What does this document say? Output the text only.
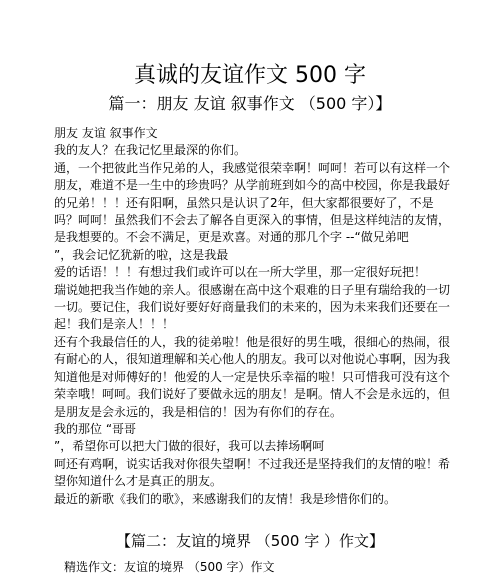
真诚的友谊作文 500 字
篇一：朋友 友谊 叙事作文 （500 字）】

朋友 友谊 叙事作文

我的友人？在我记忆里最深的你们。

通，一个把彼此当作兄弟的人，我感觉很荣幸啊！呵呵！若可以有这样一个朋友，难道不是一生中的珍贵吗？从学前班到如今的高中校园，你是我最好的兄弟！！！还有阳啊，虽然只是认识了2年，但大家都很要好了，不是吗？呵呵！虽然我们不会去了解各自更深入的事情，但是这样纯洁的友情，是我想要的。不会不满足，更是欢喜。对通的那几个字 --“做兄弟吧

”，我会记忆犹新的啦，这是我最

爱的话语！！！有想过我们或许可以在一所大学里，那一定很好玩把！

瑞说她把我当作她的亲人。很感谢在高中这个艰难的日子里有瑞给我的一切一切。要记住，我们说好要好好商量我们的未来的，因为未来我们还要在一起！我们是亲人！！！

还有个我最信任的人，我的徒弟啦！他是很好的男生哦，很细心的热闹，很有耐心的人，很知道理解和关心他人的朋友。我可以对他说心事啊，因为我知道他是对师傅好的！他爱的人一定是快乐幸福的啦！只可惜我可没有这个荣幸哦！呵呵。我们说好了要做永远的朋友！是啊。情人不会是永远的，但是朋友是会永远的，我是相信的！因为有你们的存在。

我的那位 “哥哥

”，希望你可以把大门做的很好，我可以去捧场啊呵

呵还有鸡啊，说实话我对你很失望啊！不过我还是坚持我们的友情的啦！希望你知道什么才是真正的朋友。

最近的新歌《我们的歌》，来感谢我们的友情！我是珍惜你们的。

【篇二：友谊的境界 （500 字 ）作文】
精选作文：友谊的境界 （500 字）作文
